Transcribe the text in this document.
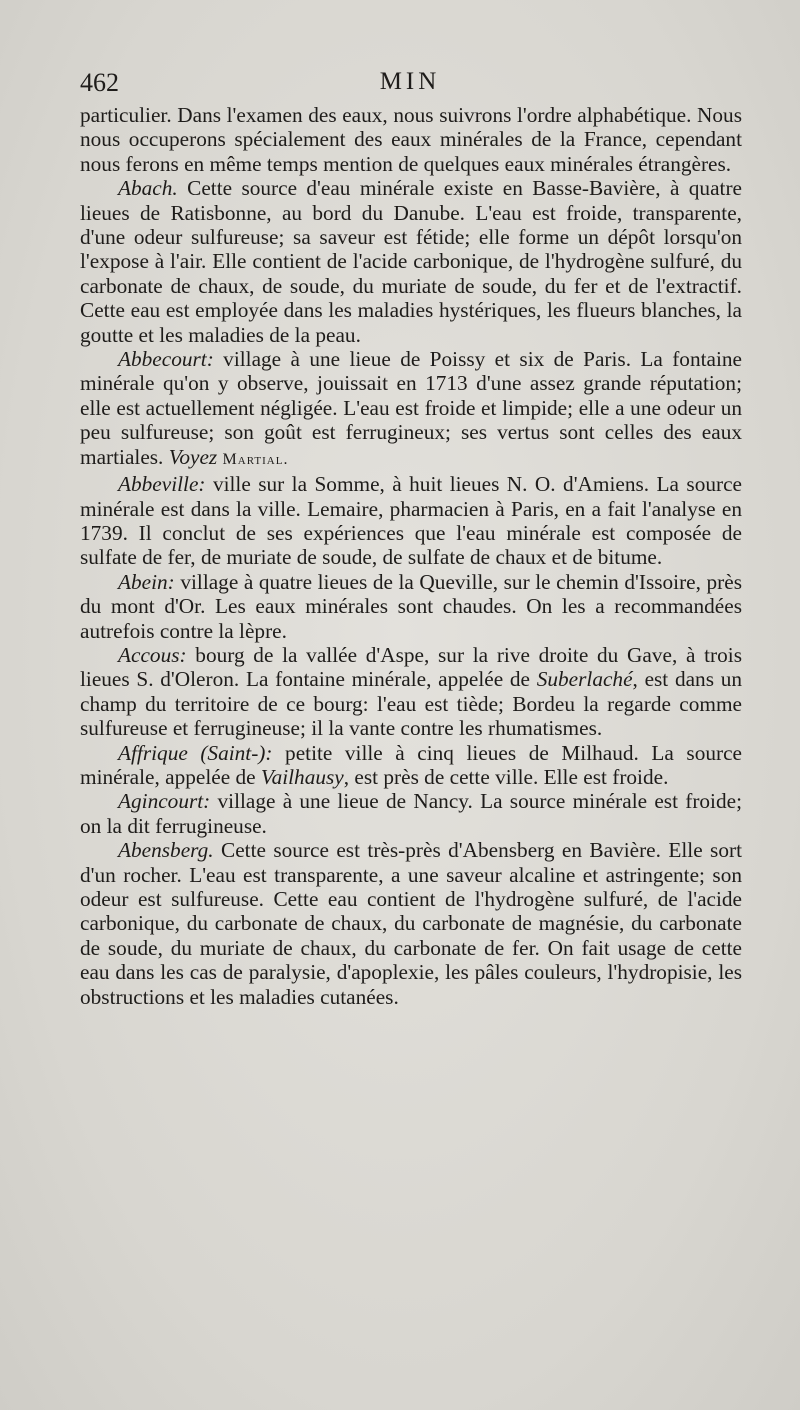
462	MIN

particulier. Dans l'examen des eaux, nous suivrons l'ordre alphabétique. Nous nous occuperons spécialement des eaux minérales de la France, cependant nous ferons en même temps mention de quelques eaux minérales étrangères.

Abach. Cette source d'eau minérale existe en Basse-Bavière, à quatre lieues de Ratisbonne, au bord du Danube. L'eau est froide, transparente, d'une odeur sulfureuse; sa saveur est fétide; elle forme un dépôt lorsqu'on l'expose à l'air. Elle contient de l'acide carbonique, de l'hydrogène sulfuré, du carbonate de chaux, de soude, du muriate de soude, du fer et de l'extractif. Cette eau est employée dans les maladies hystériques, les flueurs blanches, la goutte et les maladies de la peau.

Abbecourt: village à une lieue de Poissy et six de Paris. La fontaine minérale qu'on y observe, jouissait en 1713 d'une assez grande réputation; elle est actuellement négligée. L'eau est froide et limpide; elle a une odeur un peu sulfureuse; son goût est ferrugineux; ses vertus sont celles des eaux martiales. Voyez Martial.

Abbeville: ville sur la Somme, à huit lieues N. O. d'Amiens. La source minérale est dans la ville. Lemaire, pharmacien à Paris, en a fait l'analyse en 1739. Il conclut de ses expériences que l'eau minérale est composée de sulfate de fer, de muriate de soude, de sulfate de chaux et de bitume.

Abein: village à quatre lieues de la Queville, sur le chemin d'Issoire, près du mont d'Or. Les eaux minérales sont chaudes. On les a recommandées autrefois contre la lèpre.

Accous: bourg de la vallée d'Aspe, sur la rive droite du Gave, à trois lieues S. d'Oleron. La fontaine minérale, appelée de Suberlaché, est dans un champ du territoire de ce bourg: l'eau est tiède; Bordeu la regarde comme sulfureuse et ferrugineuse; il la vante contre les rhumatismes.

Affrique (Saint-): petite ville à cinq lieues de Milhaud. La source minérale, appelée de Vailhausy, est près de cette ville. Elle est froide.

Agincourt: village à une lieue de Nancy. La source minérale est froide; on la dit ferrugineuse.

Abensberg. Cette source est très-près d'Abensberg en Bavière. Elle sort d'un rocher. L'eau est transparente, a une saveur alcaline et astringente; son odeur est sulfureuse. Cette eau contient de l'hydrogène sulfuré, de l'acide carbonique, du carbonate de chaux, du carbonate de magnésie, du carbonate de soude, du muriate de chaux, du carbonate de fer. On fait usage de cette eau dans les cas de paralysie, d'apoplexie, les pâles couleurs, l'hydropisie, les obstructions et les maladies cutanées.
